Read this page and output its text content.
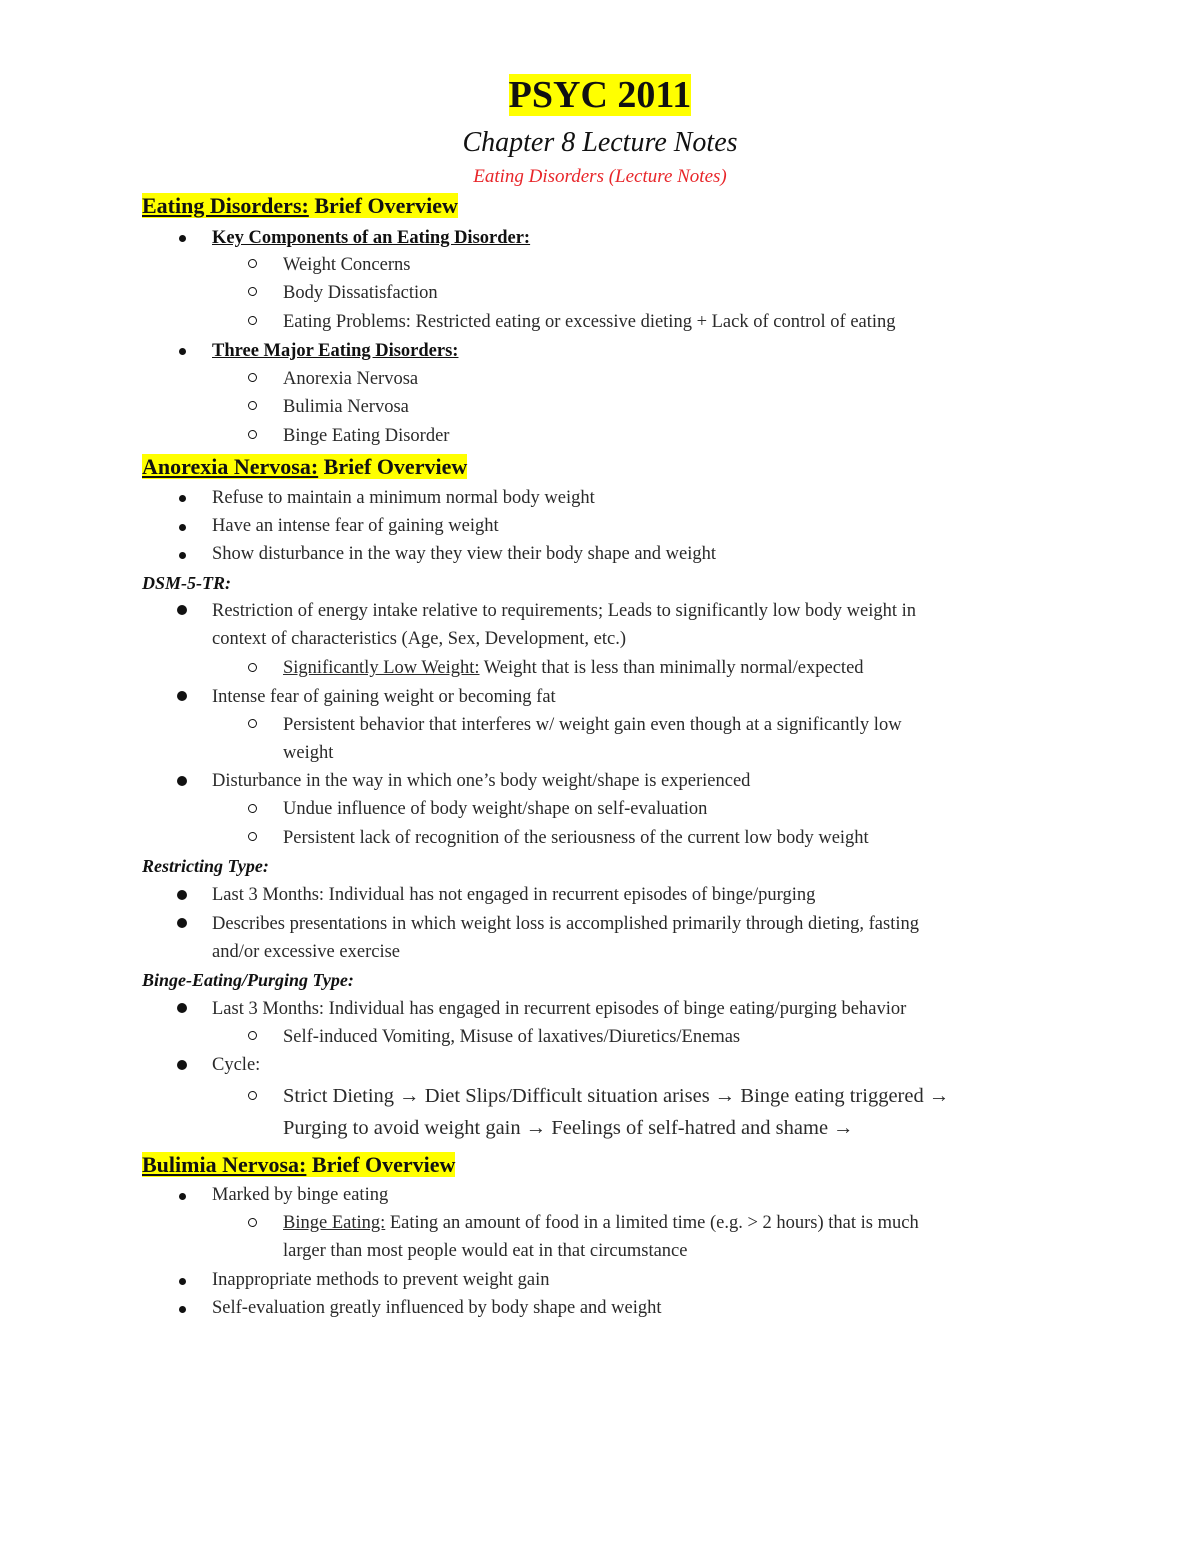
PSYC 2011
Chapter 8 Lecture Notes
Eating Disorders (Lecture Notes)
Eating Disorders: Brief Overview
Key Components of an Eating Disorder:
Weight Concerns
Body Dissatisfaction
Eating Problems: Restricted eating or excessive dieting + Lack of control of eating
Three Major Eating Disorders:
Anorexia Nervosa
Bulimia Nervosa
Binge Eating Disorder
Anorexia Nervosa: Brief Overview
Refuse to maintain a minimum normal body weight
Have an intense fear of gaining weight
Show disturbance in the way they view their body shape and weight
DSM-5-TR:
Restriction of energy intake relative to requirements; Leads to significantly low body weight in
context of characteristics (Age, Sex, Development, etc.)
Significantly Low Weight: Weight that is less than minimally normal/expected
Intense fear of gaining weight or becoming fat
Persistent behavior that interferes w/ weight gain even though at a significantly low
weight
Disturbance in the way in which one’s body weight/shape is experienced
Undue influence of body weight/shape on self-evaluation
Persistent lack of recognition of the seriousness of the current low body weight
Restricting Type:
Last 3 Months: Individual has not engaged in recurrent episodes of binge/purging
Describes presentations in which weight loss is accomplished primarily through dieting, fasting
and/or excessive exercise
Binge-Eating/Purging Type:
Last 3 Months: Individual has engaged in recurrent episodes of binge eating/purging behavior
Self-induced Vomiting, Misuse of laxatives/Diuretics/Enemas
Cycle:
Strict Dieting → Diet Slips/Difficult situation arises → Binge eating triggered →
Purging to avoid weight gain → Feelings of self-hatred and shame →
Bulimia Nervosa: Brief Overview
Marked by binge eating
Binge Eating: Eating an amount of food in a limited time (e.g. > 2 hours) that is much
larger than most people would eat in that circumstance
Inappropriate methods to prevent weight gain
Self-evaluation greatly influenced by body shape and weight
